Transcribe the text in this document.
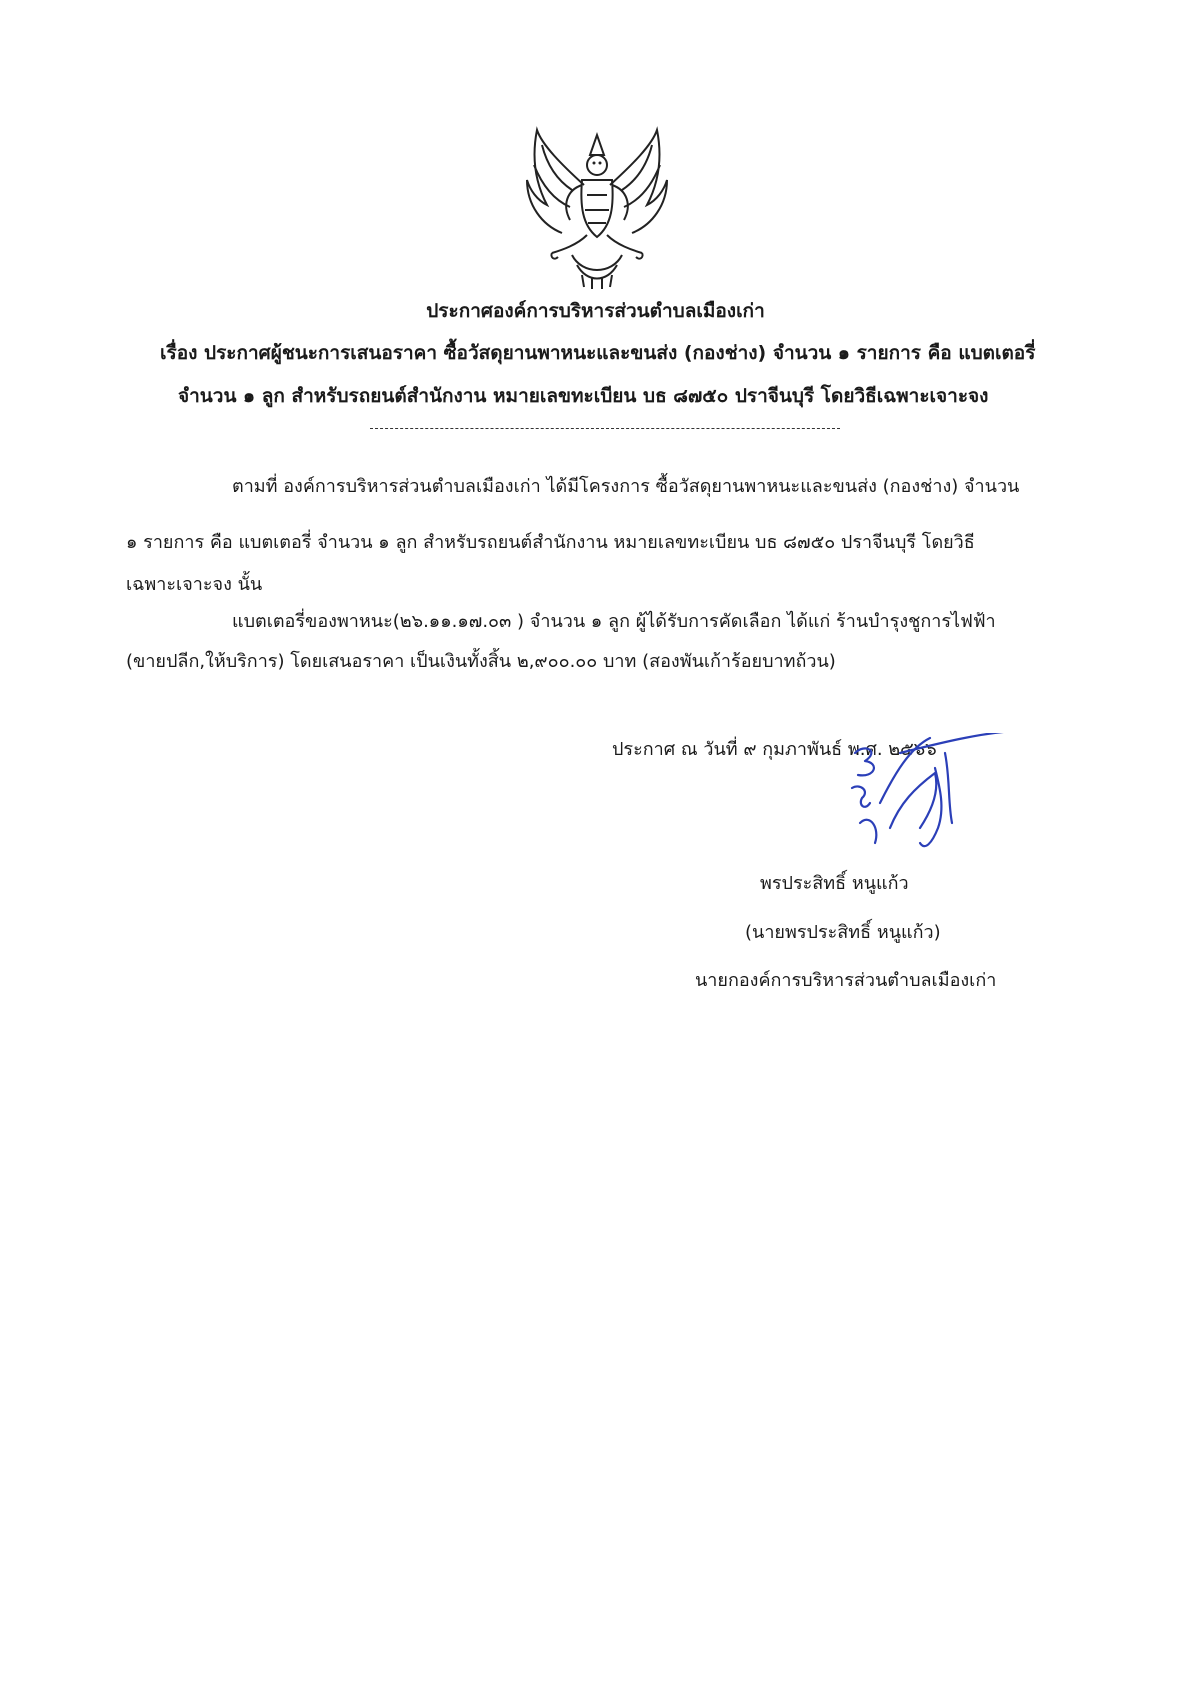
ประกาศองค์การบริหารส่วนตำบลเมืองเก่า
เรื่อง ประกาศผู้ชนะการเสนอราคา ซื้อวัสดุยานพาหนะและขนส่ง (กองช่าง) จำนวน ๑ รายการ คือ แบตเตอรี่
จำนวน ๑ ลูก สำหรับรถยนต์สำนักงาน หมายเลขทะเบียน บธ ๘๗๕๐ ปราจีนบุรี โดยวิธีเฉพาะเจาะจง
ตามที่ องค์การบริหารส่วนตำบลเมืองเก่า ได้มีโครงการ ซื้อวัสดุยานพาหนะและขนส่ง (กองช่าง) จำนวน
๑ รายการ คือ แบตเตอรี่ จำนวน ๑ ลูก สำหรับรถยนต์สำนักงาน หมายเลขทะเบียน บธ ๘๗๕๐ ปราจีนบุรี โดยวิธี
เฉพาะเจาะจง นั้น
แบตเตอรี่ของพาหนะ(๒๖.๑๑.๑๗.๐๓ ) จำนวน ๑ ลูก ผู้ได้รับการคัดเลือก ได้แก่ ร้านบำรุงชูการไฟฟ้า
(ขายปลีก,ให้บริการ) โดยเสนอราคา เป็นเงินทั้งสิ้น ๒,๙๐๐.๐๐ บาท (สองพันเก้าร้อยบาทถ้วน)
ประกาศ ณ วันที่ ๙ กุมภาพันธ์ พ.ศ. ๒๕๖๖
พรประสิทธิ์ หนูแก้ว
(นายพรประสิทธิ์ หนูแก้ว)
นายกองค์การบริหารส่วนตำบลเมืองเก่า
